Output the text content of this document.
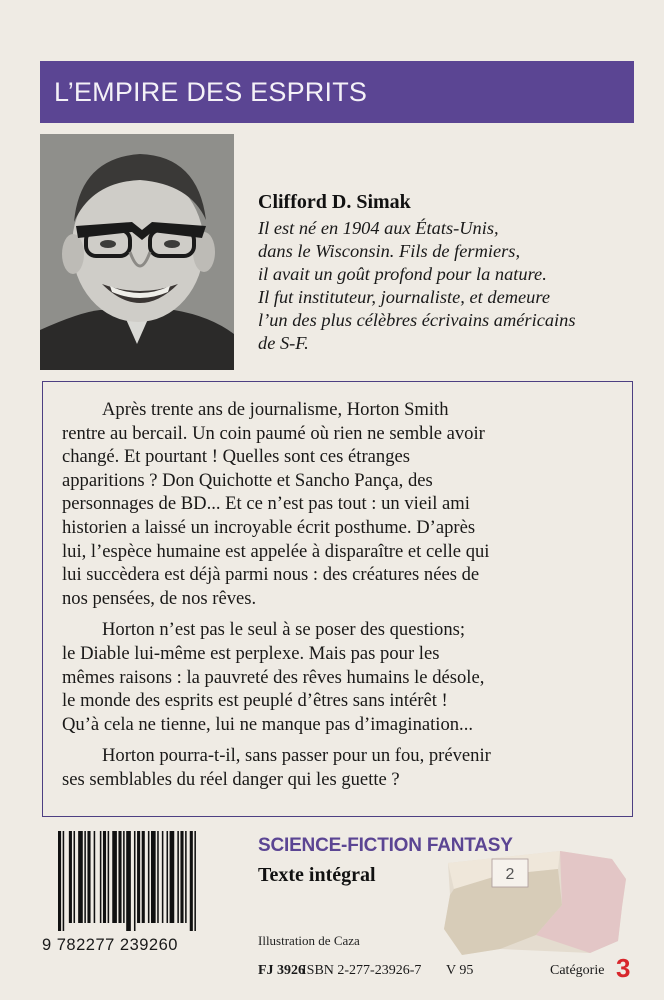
L’EMPIRE DES ESPRITS
Clifford D. Simak
Il est né en 1904 aux États-Unis,
dans le Wisconsin. Fils de fermiers,
il avait un goût profond pour la nature.
Il fut instituteur, journaliste, et demeure
l’un des plus célèbres écrivains américains
de S-F.
Après trente ans de journalisme, Horton Smith
rentre au bercail. Un coin paumé où rien ne semble avoir
changé. Et pourtant ! Quelles sont ces étranges
apparitions ? Don Quichotte et Sancho Pança, des
personnages de BD... Et ce n’est pas tout : un vieil ami
historien a laissé un incroyable écrit posthume. D’après
lui, l’espèce humaine est appelée à disparaître et celle qui
lui succèdera est déjà parmi nous : des créatures nées de
nos pensées, de nos rêves.
Horton n’est pas le seul à se poser des questions;
le Diable lui-même est perplexe. Mais pas pour les
mêmes raisons : la pauvreté des rêves humains le désole,
le monde des esprits est peuplé d’êtres sans intérêt !
Qu’à cela ne tienne, lui ne manque pas d’imagination...
Horton pourra-t-il, sans passer pour un fou, prévenir
ses semblables du réel danger qui les guette ?
9 782277 239260
SCIENCE-FICTION FANTASY
Texte intégral	2
Illustration de Caza
FJ 3926
ISBN 2-277-23926-7 V 95	Catégorie 3
